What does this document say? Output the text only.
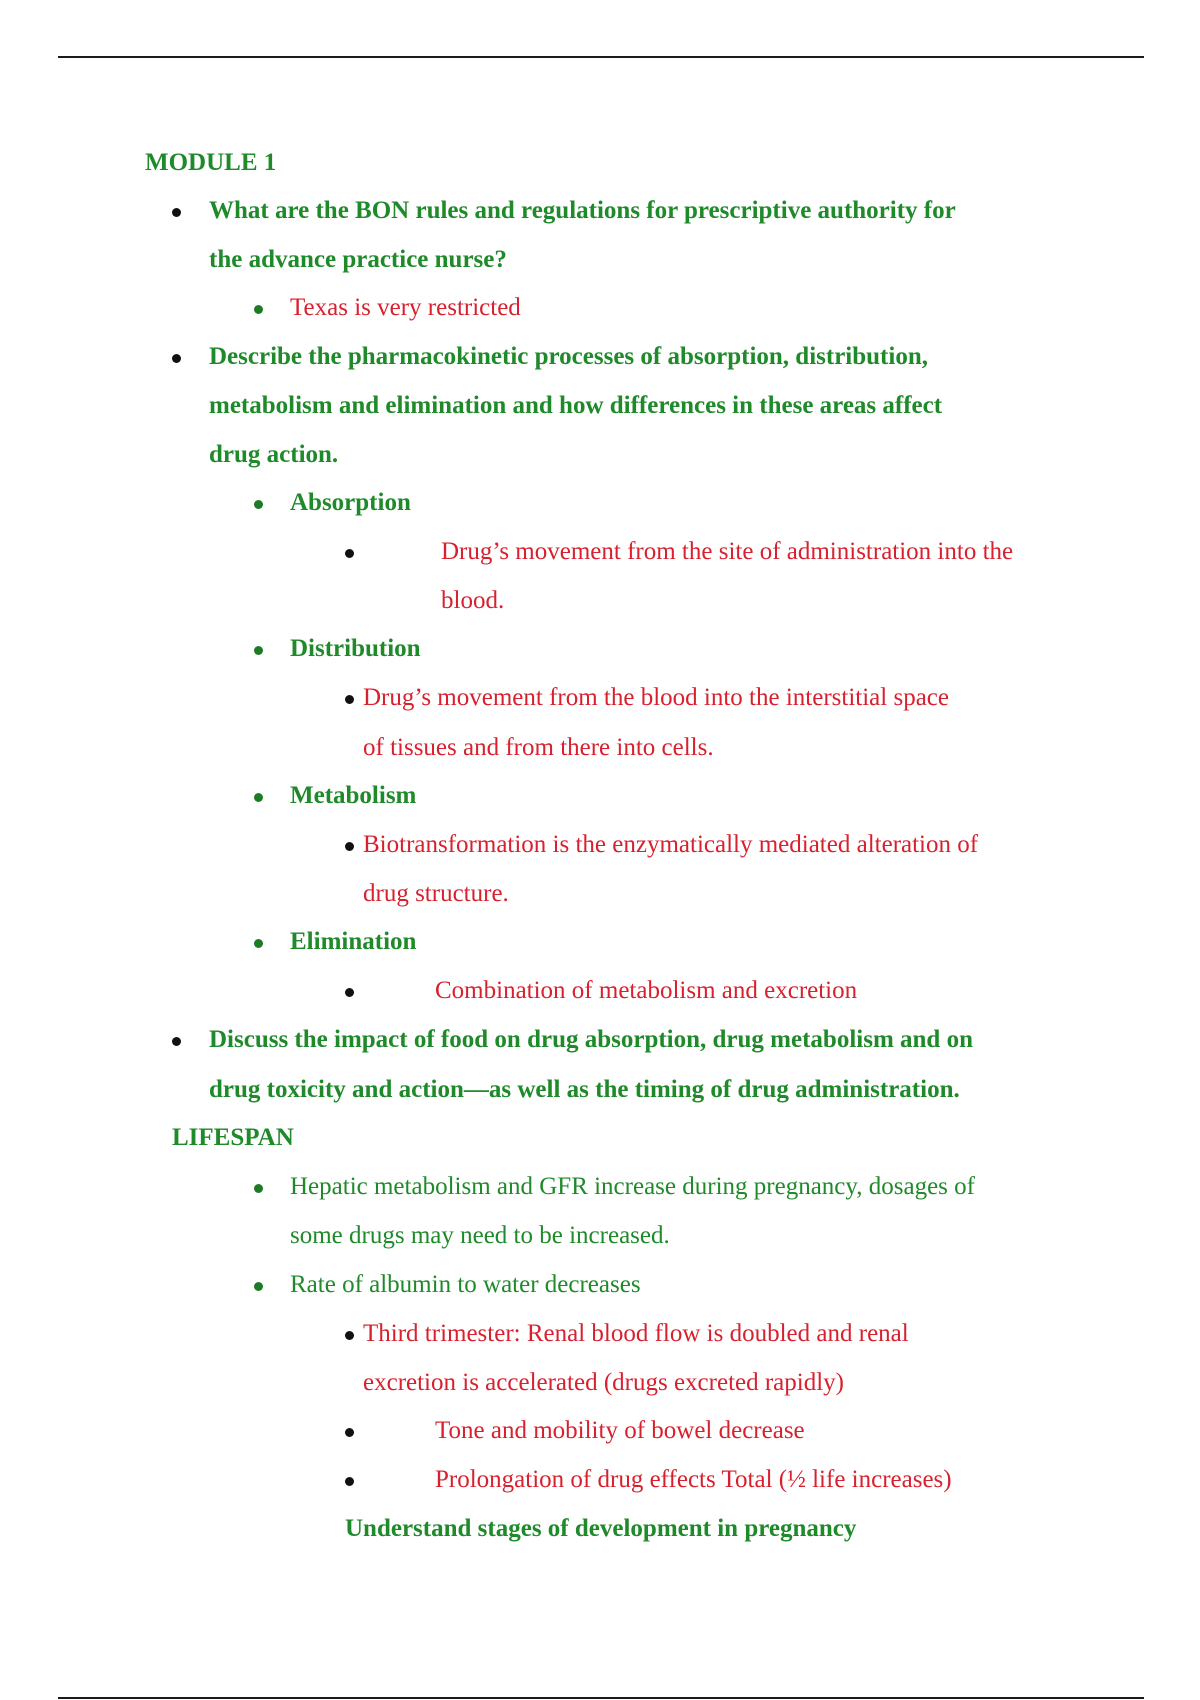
MODULE 1
What are the BON rules and regulations for prescriptive authority for
the advance practice nurse?
Texas is very restricted
Describe the pharmacokinetic processes of absorption, distribution,
metabolism and elimination and how differences in these areas affect
drug action.
Absorption
Drug’s movement from the site of administration into the
blood.
Distribution
Drug’s movement from the blood into the interstitial space
of tissues and from there into cells.
Metabolism
Biotransformation is the enzymatically mediated alteration of
drug structure.
Elimination
Combination of metabolism and excretion
Discuss the impact of food on drug absorption, drug metabolism and on
drug toxicity and action—as well as the timing of drug administration.
LIFESPAN
Hepatic metabolism and GFR increase during pregnancy, dosages of
some drugs may need to be increased.
Rate of albumin to water decreases
Third trimester: Renal blood flow is doubled and renal
excretion is accelerated (drugs excreted rapidly)
Tone and mobility of bowel decrease
Prolongation of drug effects Total (½ life increases)
Understand stages of development in pregnancy
